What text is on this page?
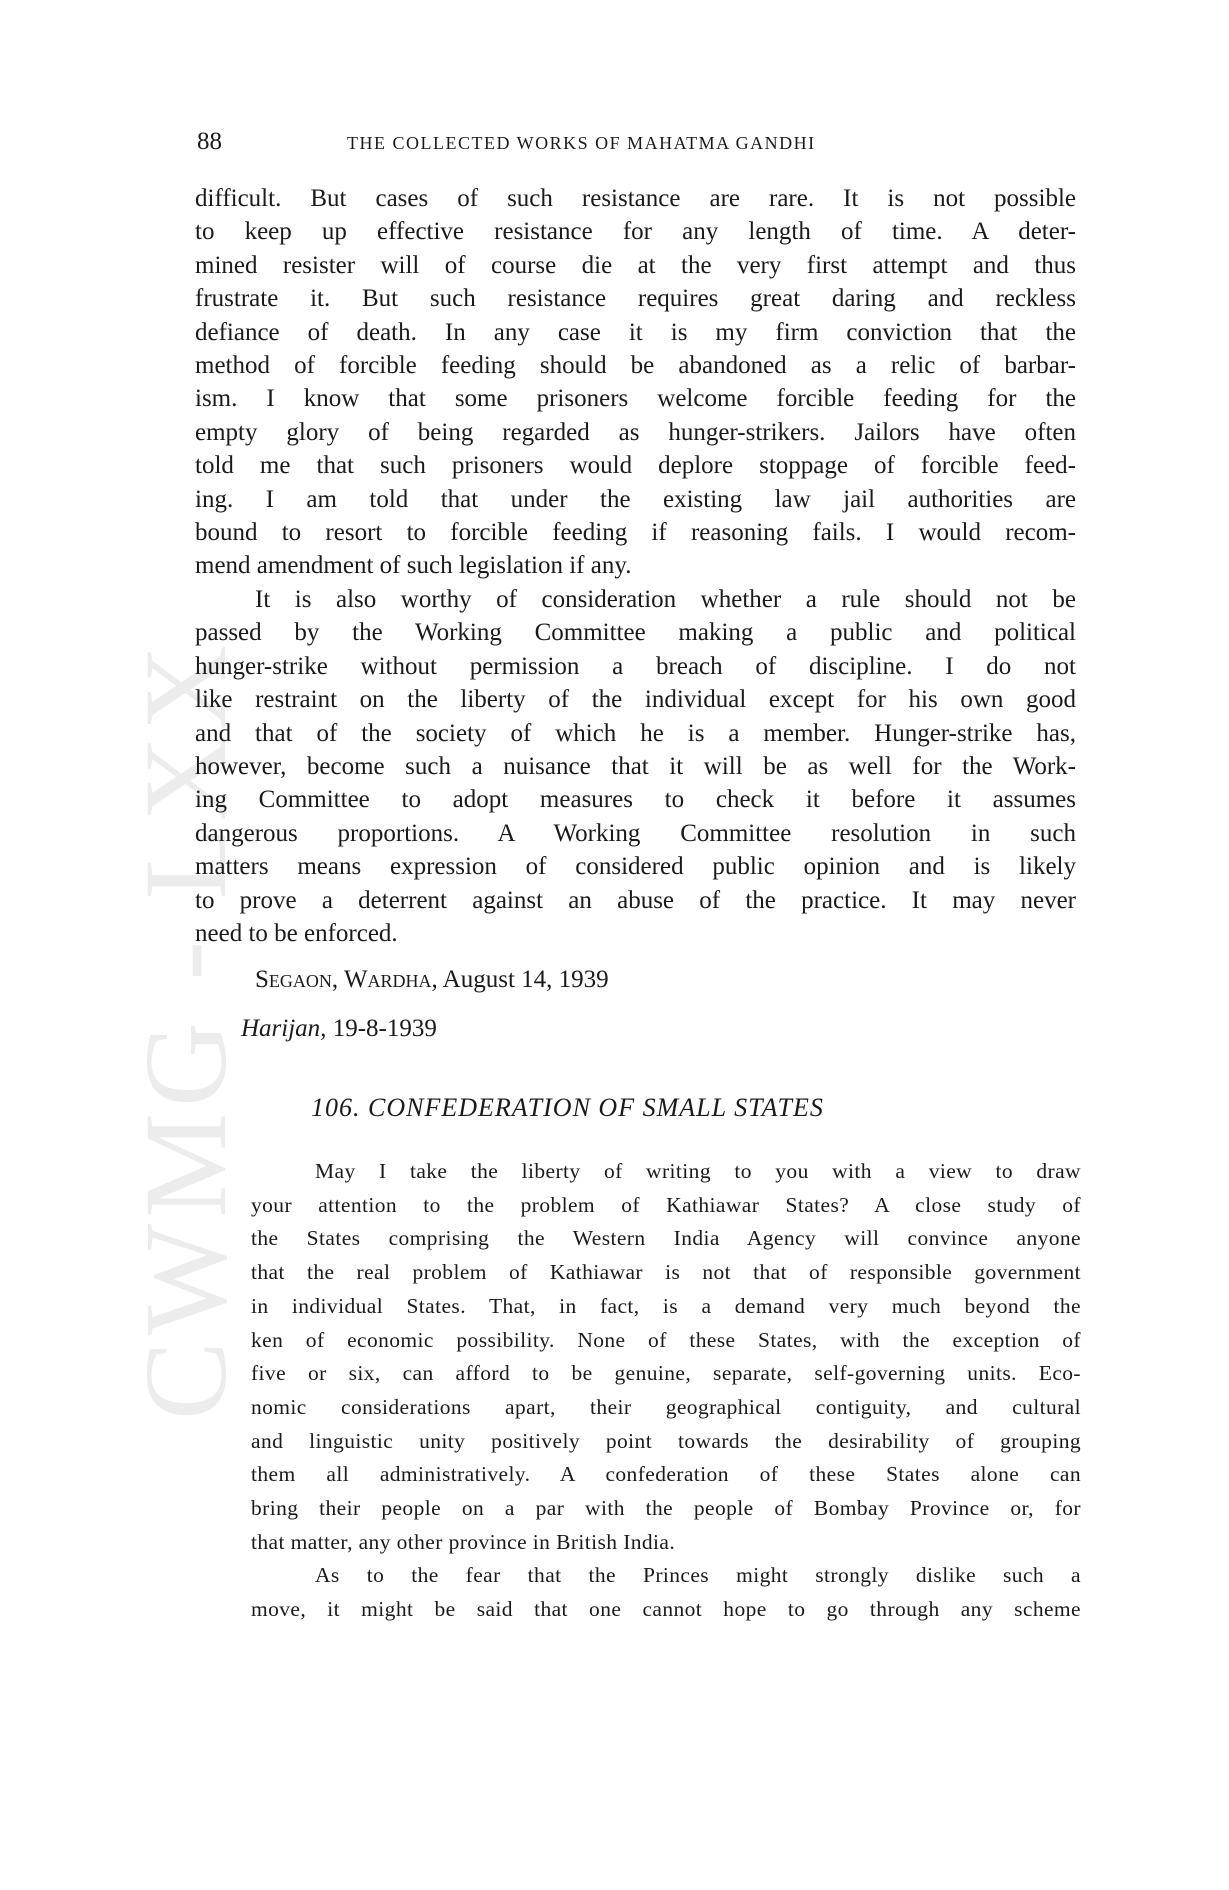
CWMG - LXX
88	THE COLLECTED WORKS OF MAHATMA GANDHI
difficult. But cases of such resistance are rare. It is not possible
to keep up effective resistance for any length of time. A deter-
mined resister will of course die at the very first attempt and thus
frustrate it. But such resistance requires great daring and reckless
defiance of death. In any case it is my firm conviction that the
method of forcible feeding should be abandoned as a relic of barbar-
ism. I know that some prisoners welcome forcible feeding for the
empty glory of being regarded as hunger-strikers. Jailors have often
told me that such prisoners would deplore stoppage of forcible feed-
ing. I am told that under the existing law jail authorities are
bound to resort to forcible feeding if reasoning fails. I would recom-
mend amendment of such legislation if any.
It is also worthy of consideration whether a rule should not be
passed by the Working Committee making a public and political
hunger-strike without permission a breach of discipline. I do not
like restraint on the liberty of the individual except for his own good
and that of the society of which he is a member. Hunger-strike has,
however, become such a nuisance that it will be as well for the Work-
ing Committee to adopt measures to check it before it assumes
dangerous proportions. A Working Committee resolution in such
matters means expression of considered public opinion and is likely
to prove a deterrent against an abuse of the practice. It may never
need to be enforced.
Segaon, Wardha, August 14, 1939
Harijan, 19-8-1939
106. CONFEDERATION OF SMALL STATES
May I take the liberty of writing to you with a view to draw
your attention to the problem of Kathiawar States? A close study of
the States comprising the Western India Agency will convince anyone
that the real problem of Kathiawar is not that of responsible government
in individual States. That, in fact, is a demand very much beyond the
ken of economic possibility. None of these States, with the exception of
five or six, can afford to be genuine, separate, self-governing units. Eco-
nomic considerations apart, their geographical contiguity, and cultural
and linguistic unity positively point towards the desirability of grouping
them all administratively. A confederation of these States alone can
bring their people on a par with the people of Bombay Province or, for
that matter, any other province in British India.
As to the fear that the Princes might strongly dislike such a
move, it might be said that one cannot hope to go through any scheme
